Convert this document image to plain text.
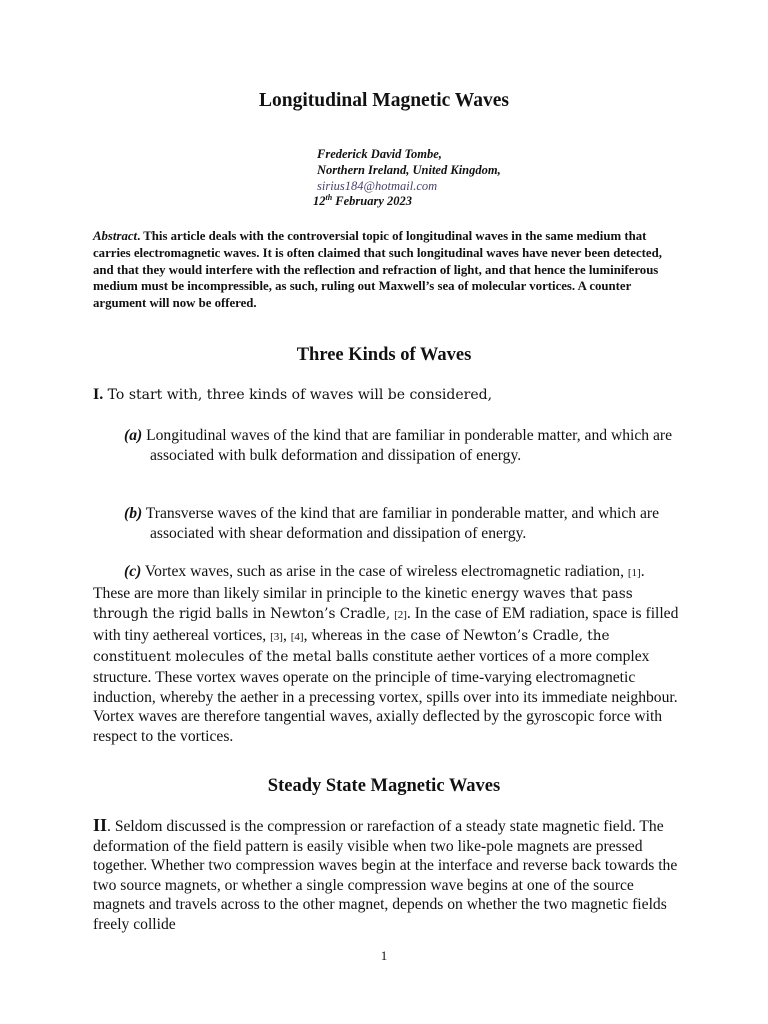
Longitudinal Magnetic Waves
Frederick David Tombe,
Northern Ireland, United Kingdom,
sirius184@hotmail.com
12th February 2023
Abstract. This article deals with the controversial topic of longitudinal waves in the same medium that carries electromagnetic waves. It is often claimed that such longitudinal waves have never been detected, and that they would interfere with the reflection and refraction of light, and that hence the luminiferous medium must be incompressible, as such, ruling out Maxwell’s sea of molecular vortices. A counter argument will now be offered.
Three Kinds of Waves
I. To start with, three kinds of waves will be considered,
(a) Longitudinal waves of the kind that are familiar in ponderable matter, and which are associated with bulk deformation and dissipation of energy.
(b) Transverse waves of the kind that are familiar in ponderable matter, and which are associated with shear deformation and dissipation of energy.
(c) Vortex waves, such as arise in the case of wireless electromagnetic radiation, [1]. These are more than likely similar in principle to the kinetic energy waves that pass through the rigid balls in Newton’s Cradle, [2]. In the case of EM radiation, space is filled with tiny aethereal vortices, [3], [4], whereas in the case of Newton’s Cradle, the constituent molecules of the metal balls constitute aether vortices of a more complex structure. These vortex waves operate on the principle of time-varying electromagnetic induction, whereby the aether in a precessing vortex, spills over into its immediate neighbour. Vortex waves are therefore tangential waves, axially deflected by the gyroscopic force with respect to the vortices.
Steady State Magnetic Waves
II. Seldom discussed is the compression or rarefaction of a steady state magnetic field. The deformation of the field pattern is easily visible when two like-pole magnets are pressed together. Whether two compression waves begin at the interface and reverse back towards the two source magnets, or whether a single compression wave begins at one of the source magnets and travels across to the other magnet, depends on whether the two magnetic fields freely collide
1
